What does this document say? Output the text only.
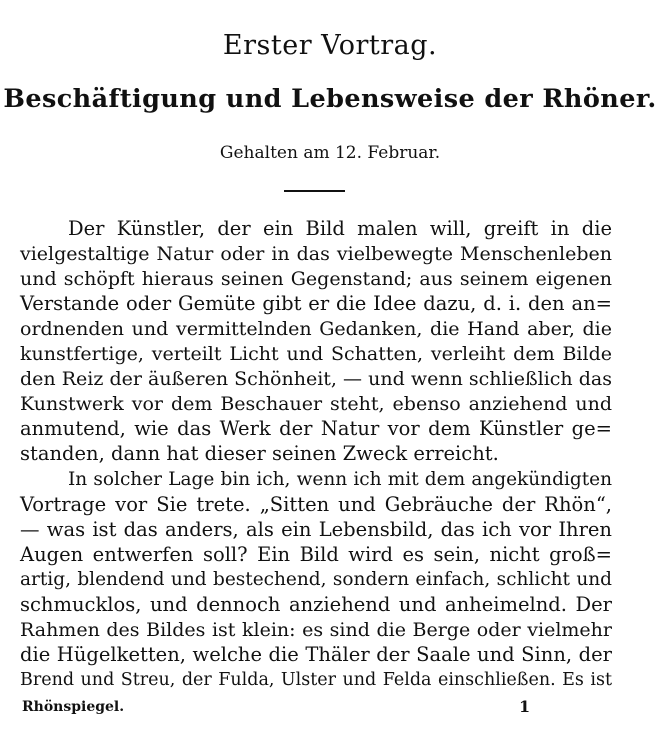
Erster Vortrag.
Beschäftigung und Lebensweise der Rhöner.
Gehalten am 12. Februar.
Der Künstler, der ein Bild malen will, greift in die
vielgestaltige Natur oder in das vielbewegte Menschenleben
und schöpft hieraus seinen Gegenstand; aus seinem eigenen
Verstande oder Gemüte gibt er die Idee dazu, d. i. den an=
ordnenden und vermittelnden Gedanken, die Hand aber, die
kunstfertige, verteilt Licht und Schatten, verleiht dem Bilde
den Reiz der äußeren Schönheit, — und wenn schließlich das
Kunstwerk vor dem Beschauer steht, ebenso anziehend und
anmutend, wie das Werk der Natur vor dem Künstler ge=
standen, dann hat dieser seinen Zweck erreicht.
In solcher Lage bin ich, wenn ich mit dem angekündigten
Vortrage vor Sie trete. „Sitten und Gebräuche der Rhön“,
— was ist das anders, als ein Lebensbild, das ich vor Ihren
Augen entwerfen soll? Ein Bild wird es sein, nicht groß=
artig, blendend und bestechend, sondern einfach, schlicht und
schmucklos, und dennoch anziehend und anheimelnd. Der
Rahmen des Bildes ist klein: es sind die Berge oder vielmehr
die Hügelketten, welche die Thäler der Saale und Sinn, der
Brend und Streu, der Fulda, Ulster und Felda einschließen. Es ist
Rhönspiegel.	1
